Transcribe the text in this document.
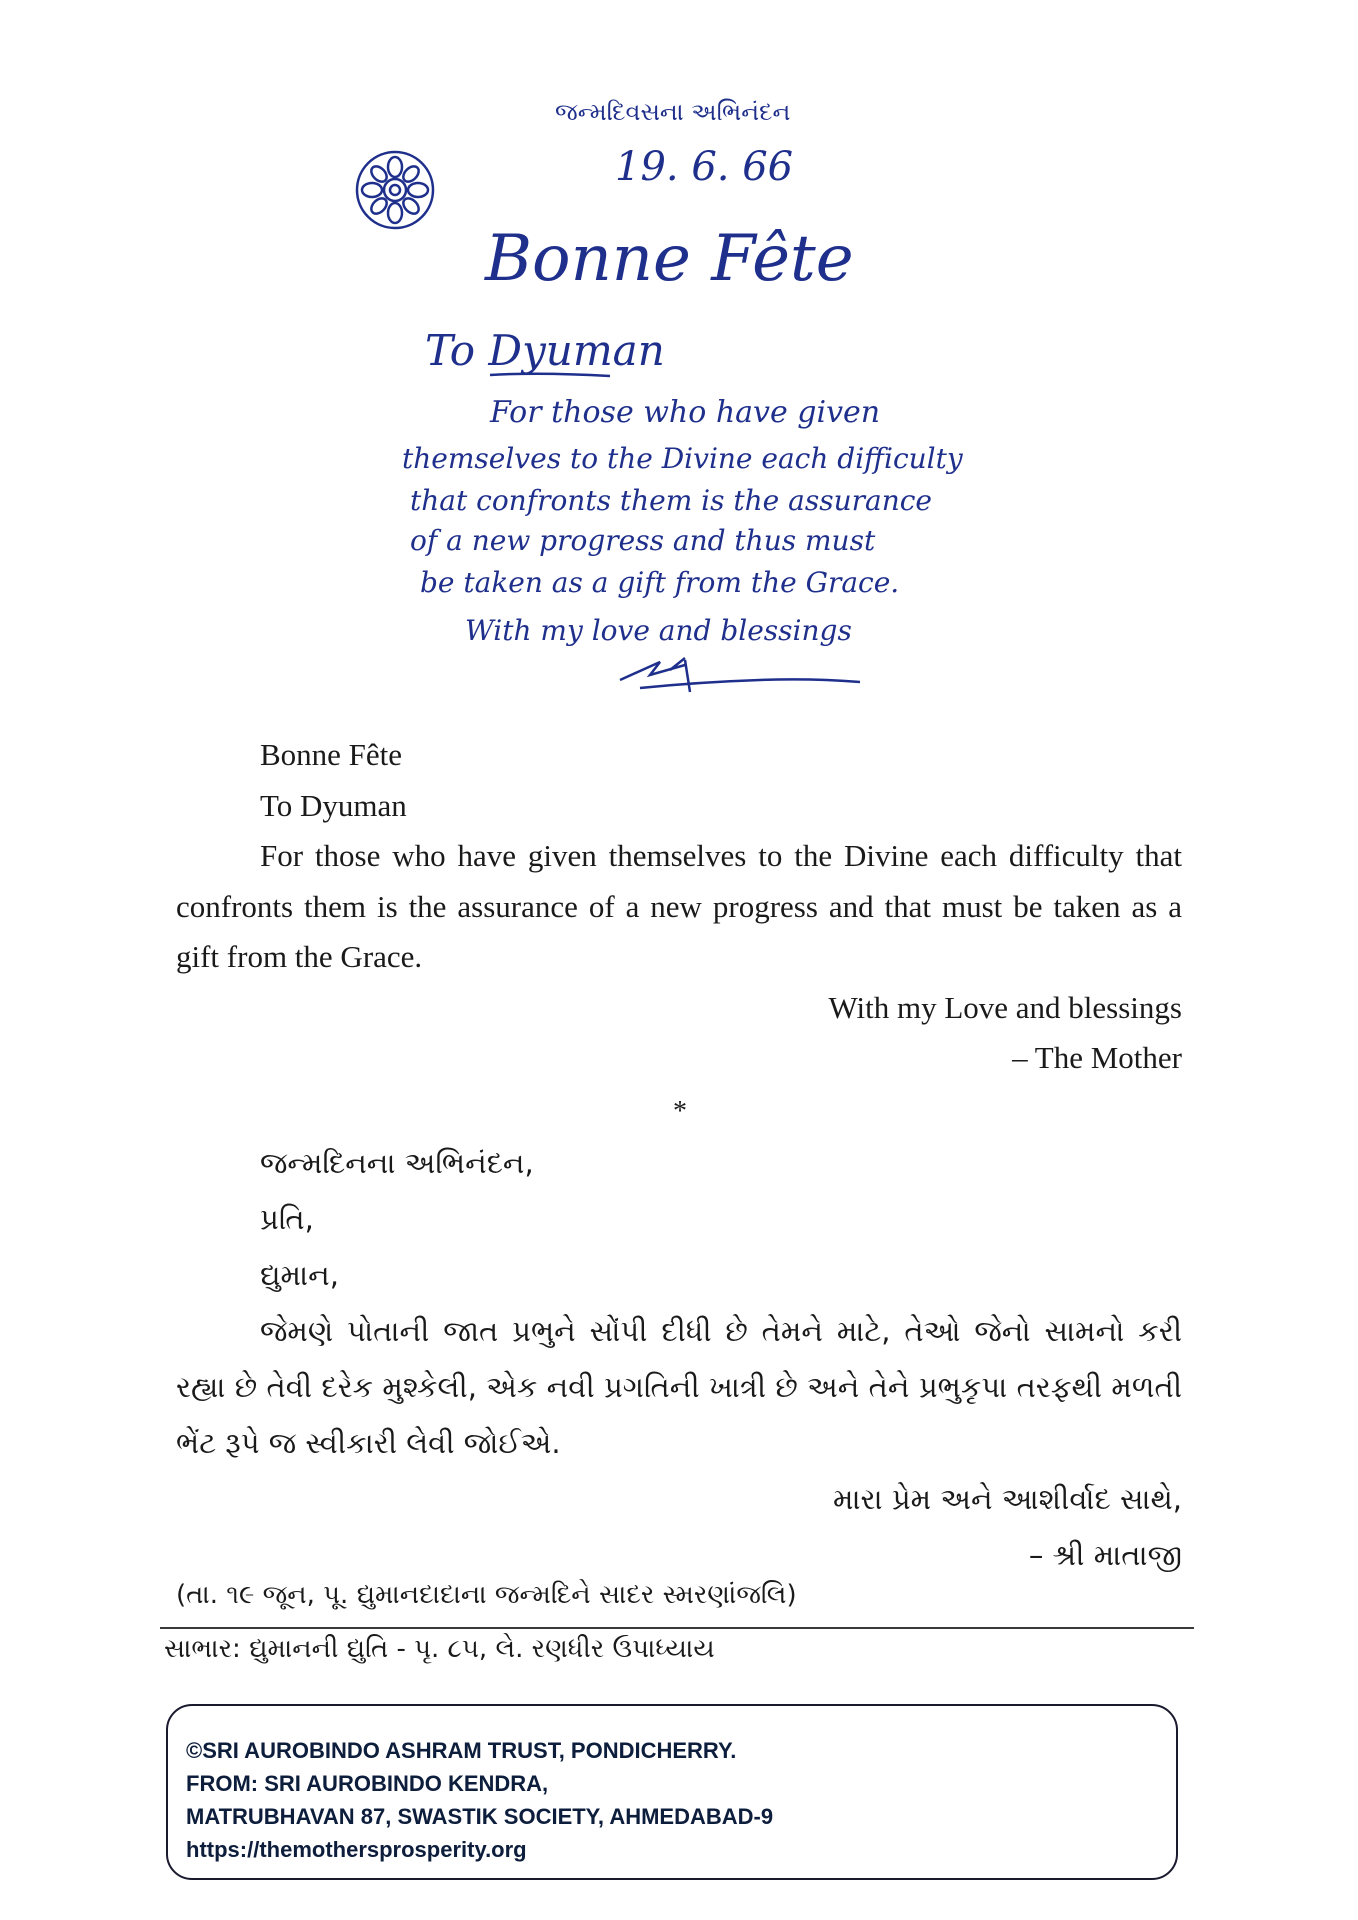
જન્મદિવસના અભિનંદન
19. 6. 66
Bonne Fête
To Dyuman
For those who have given
themselves to the Divine each difficulty
that confronts them is the assurance
of a new progress and thus must
be taken as a gift from the Grace.
With my love and blessings
Bonne Fête
To Dyuman
For those who have given themselves to the Divine each difficulty that confronts them is the assurance of a new progress and that must be taken as a gift from the Grace.
With my Love and blessings
– The Mother
*
જન્મદિનના અભિનંદન,
પ્રતિ,
દ્યુમાન,
જેમણે પોતાની જાત પ્રભુને સોંપી દીધી છે તેમને માટે, તેઓ જેનો સામનો કરી રહ્યા છે તેવી દરેક મુશ્કેલી, એક નવી પ્રગતિની ખાત્રી છે અને તેને પ્રભુકૃપા તરફથી મળતી ભેંટ રૂપે જ સ્વીકારી લેવી જોઈએ.
મારા પ્રેમ અને આશીર્વાદ સાથે,
– શ્રી માતાજી
(તા. ૧૯ જૂન, પૂ. દ્યુમાનદાદાના જન્મદિને સાદર સ્મરણાંજલિ)
સાભાર: દ્યુમાનની દ્યુતિ - પૃ. ૮૫, લે. રણધીર ઉપાધ્યાય
©SRI AUROBINDO ASHRAM TRUST, PONDICHERRY.
FROM: SRI AUROBINDO KENDRA,
MATRUBHAVAN 87, SWASTIK SOCIETY, AHMEDABAD-9
https://themothersprosperity.org
